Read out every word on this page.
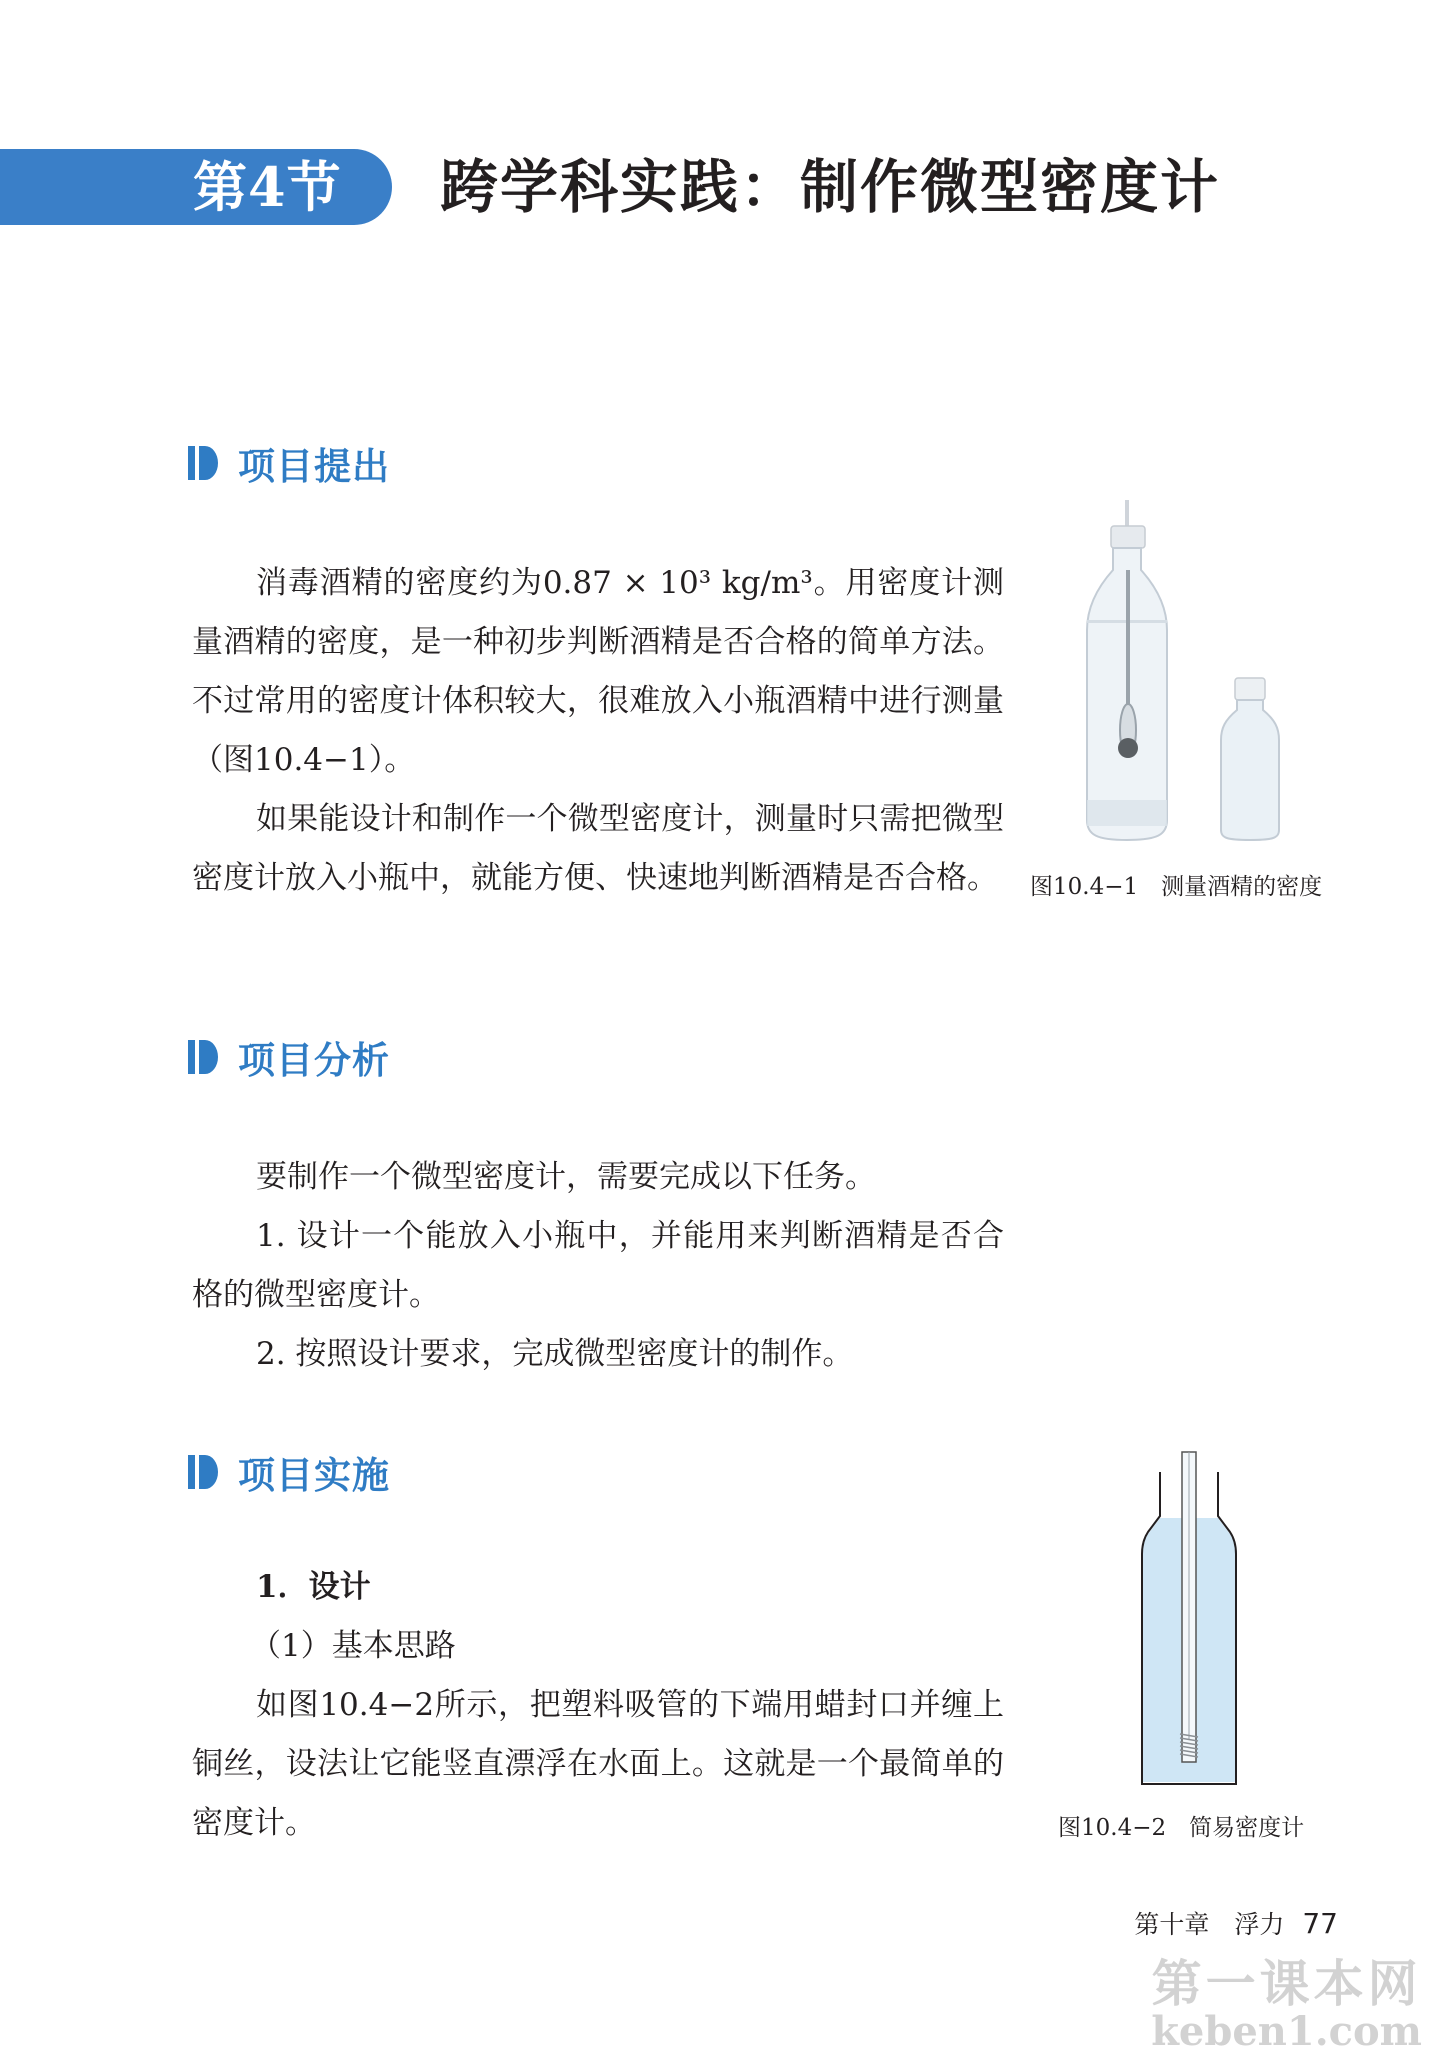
第4节 跨学科实践：制作微型密度计
项目提出

消毒酒精的密度约为0.87 × 10³ kg/m³。用密度计测量酒精的密度，是一种初步判断酒精是否合格的简单方法。不过常用的密度计体积较大，很难放入小瓶酒精中进行测量（图10.4−1）。

如果能设计和制作一个微型密度计，测量时只需把微型密度计放入小瓶中，就能方便、快速地判断酒精是否合格。 图10.4−1　测量酒精的密度
项目分析

要制作一个微型密度计，需要完成以下任务。

1. 设计一个能放入小瓶中，并能用来判断酒精是否合格的微型密度计。

2. 按照设计要求，完成微型密度计的制作。

项目实施
1．设计
（1）基本思路

如图10.4−2所示，把塑料吸管的下端用蜡封口并缠上铜丝，设法让它能竖直漂浮在水面上。这就是一个最简单的密度计。	图10.4−2　简易密度计
第十章　浮力 77
第一课本网
keben1.com
